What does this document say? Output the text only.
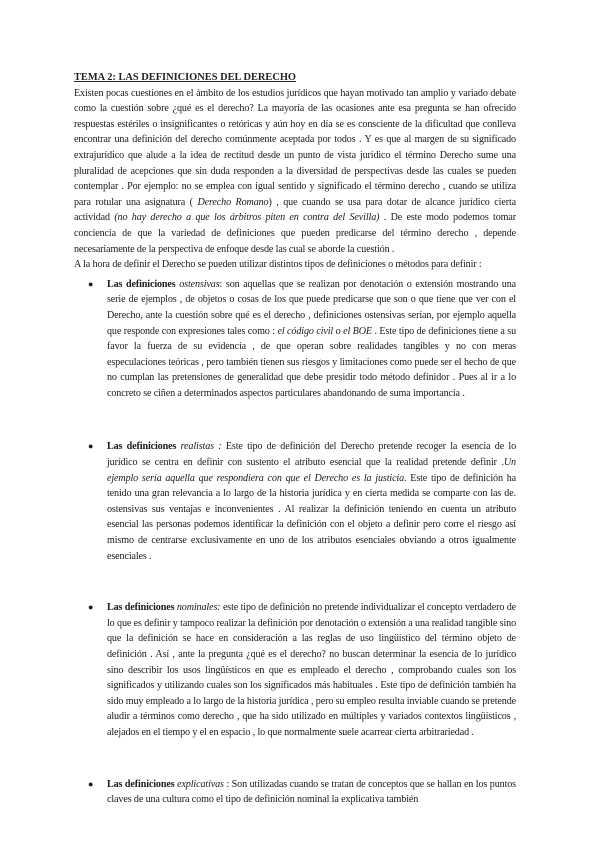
TEMA 2: LAS DEFINICIONES DEL DERECHO

Existen pocas cuestiones en el ámbito de los estudios jurídicos que hayan motivado tan amplio y variado debate como la cuestión sobre ¿qué es el derecho? La mayoría de las ocasiones ante esa pregunta se han ofrecido respuestas estériles o insignificantes o retóricas y aún hoy en día se es consciente de la dificultad que conlleva encontrar una definición del derecho comúnmente aceptada por todos . Y es que al margen de su significado extrajurídico que alude a la idea de rectitud desde un punto de vista jurídico el término Derecho sume una pluralidad de acepciones que sin duda responden a la diversidad de perspectivas desde las cuales se pueden contemplar . Por ejemplo: no se emplea con igual sentido y significado el término derecho , cuando se utiliza para rotular una asignatura ( Derecho Romano) , que cuando se usa para dotar de alcance jurídico cierta actividad (no hay derecho a que los árbitros piten en contra del Sevilla) . De este modo podemos tomar conciencia de que la variedad de definiciones que pueden predicarse del término derecho , depende necesariamente de la perspectiva de enfoque desde las cual se aborde la cuestión .

A la hora de definir el Derecho se pueden utilizar distintos tipos de definiciones o métodos para definir :

● Las definiciones ostensivas: son aquellas que se realizan por denotación o extensión mostrando una serie de ejemplos , de objetos o cosas de los que puede predicarse que son o que tiene que ver con el Derecho, ante la cuestión sobre qué es el derecho , definiciones ostensivas serían, por ejemplo aquella que responde con expresiones tales como : el código civil o el BOE . Este tipo de definiciones tiene a su favor la fuerza de su evidencia , de que operan sobre realidades tangibles y no con meras especulaciones teóricas , pero también tienen sus riesgos y limitaciones como puede ser el hecho de que no cumplan las pretensiones de generalidad que debe presidir todo método definidor . Pues al ir a lo concreto se ciñen a determinados aspectos particulares abandonando de suma importancia .
● Las definiciones realistas : Este tipo de definición del Derecho pretende recoger la esencia de lo jurídico se centra en definir con sustento el atributo esencial que la realidad pretende definir .Un ejemplo sería aquella que respondiera con que el Derecho es la justicia. Este tipo de definición ha tenido una gran relevancia a lo largo de la historia jurídica y en cierta medida se comparte con las de. ostensivas sus ventajas e inconvenientes . Al realizar la definición teniendo en cuenta un atributo esencial las personas podemos identificar la definición con el objeto a definir pero corre el riesgo así mismo de centrarse exclusivamente en uno de los atributos esenciales obviando a otros igualmente esenciales .
● Las definiciones nominales: este tipo de definición no pretende individualizar el concepto verdadero de lo que es definir y tampoco realizar la definición por denotación o extensión a una realidad tangible sino que la definición se hace en consideración a las reglas de uso lingüístico del término objeto de definición . Así , ante la pregunta ¿qué es el derecho? no buscan determinar la esencia de lo jurídico sino describir los usos lingüísticos en que es empleado el derecho , comprobando cuales son los significados y utilizando cuales son los significados más habituales . Este tipo de definición también ha sido muy empleado a lo largo de la historia jurídica , pero su empleo resulta inviable cuando se pretende aludir a términos como derecho , que ha sido utilizado en múltiples y variados contextos lingüísticos , alejados en el tiempo y el en espacio , lo que normalmente suele acarrear cierta arbitrariedad .
● Las definiciones explicativas : Son utilizadas cuando se tratan de conceptos que se hallan en los puntos claves de una cultura como el tipo de definición nominal la explicativa también
